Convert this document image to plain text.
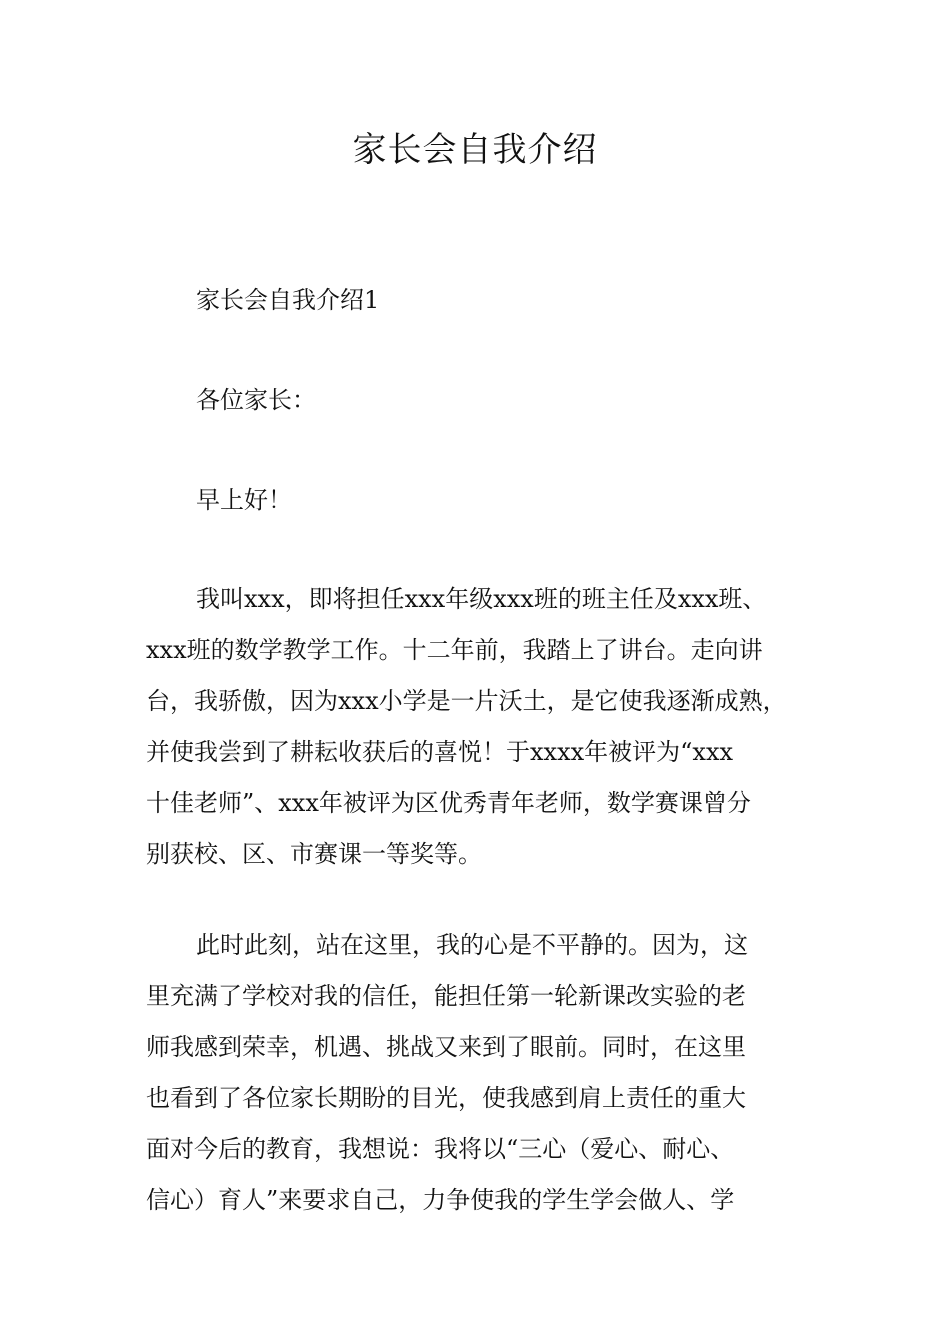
家长会自我介绍

家长会自我介绍1

各位家长：

早上好！

我叫xxx，即将担任xxx年级xxx班的班主任及xxx班、
xxx班的数学教学工作。十二年前，我踏上了讲台。走向讲
台，我骄傲，因为xxx小学是一片沃土，是它使我逐渐成熟，
并使我尝到了耕耘收获后的喜悦！于xxxx年被评为“xxx
十佳老师”、xxx年被评为区优秀青年老师，数学赛课曾分
别获校、区、市赛课一等奖等。
此时此刻，站在这里，我的心是不平静的。因为，这
里充满了学校对我的信任，能担任第一轮新课改实验的老
师我感到荣幸，机遇、挑战又来到了眼前。同时，在这里
也看到了各位家长期盼的目光，使我感到肩上责任的重大
面对今后的教育，我想说：我将以“三心（爱心、耐心、
信心）育人”来要求自己，力争使我的学生学会做人、学
